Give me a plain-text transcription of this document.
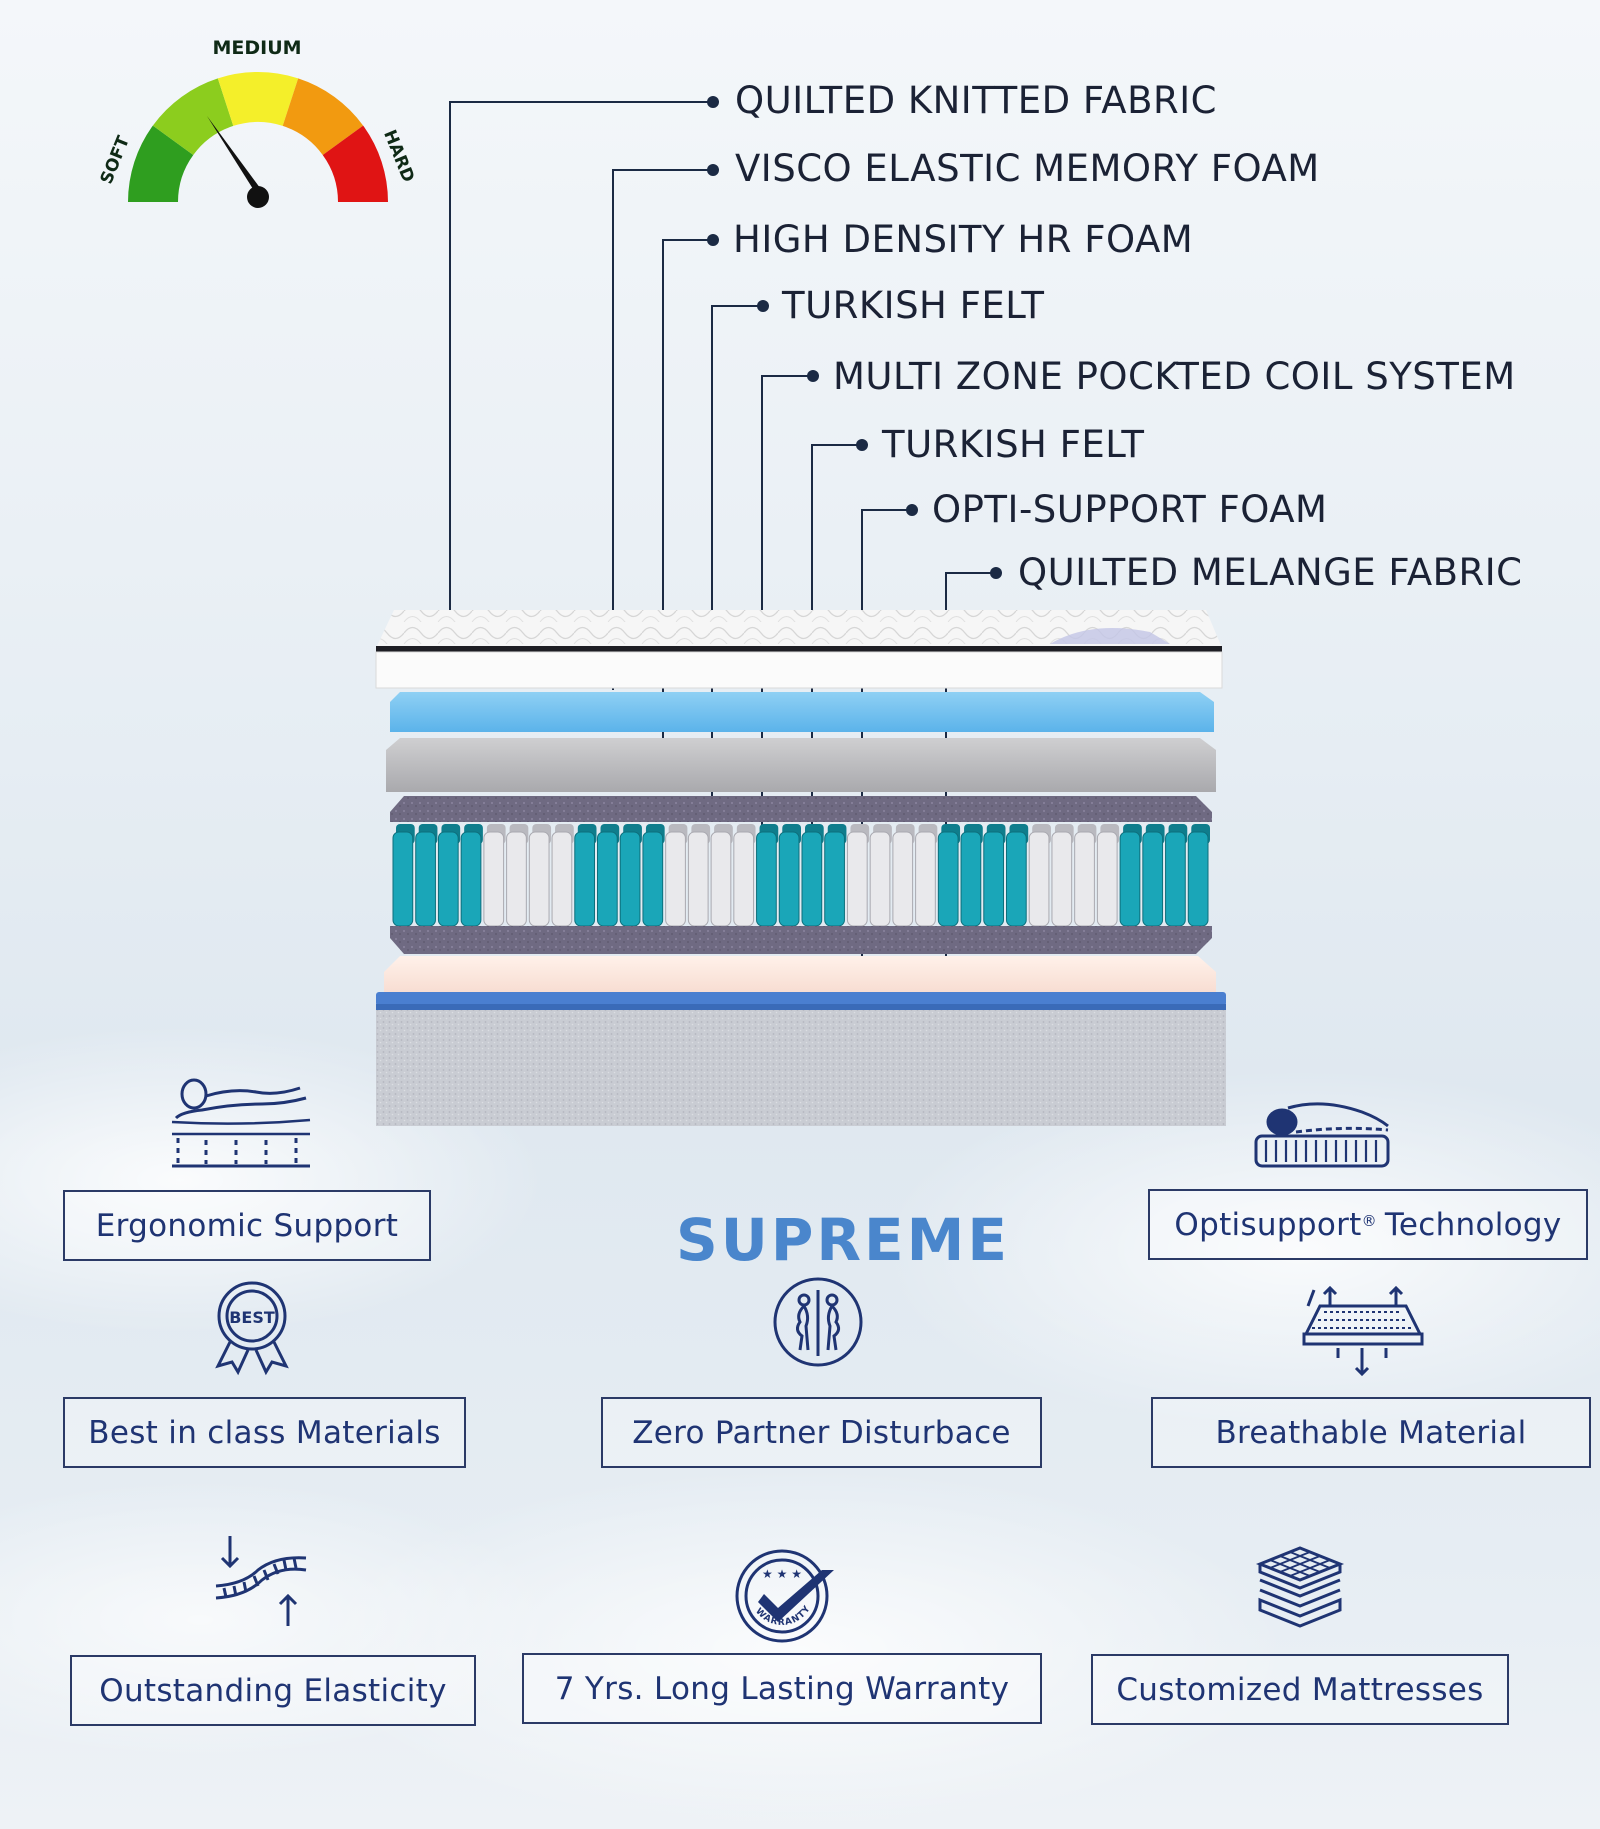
MEDIUM
SOFT	HARD
QUILTED KNITTED FABRIC
VISCO ELASTIC MEMORY FOAM
HIGH DENSITY HR FOAM
TURKISH FELT
MULTI ZONE POCKTED COIL SYSTEM
TURKISH FELT
OPTI-SUPPORT FOAM
QUILTED MELANGE FABRIC
SUPREME
BEST
WARRANTY
★ ★ ★
Ergonomic Support	Optisupport® Technology
Best in class Materials	Zero Partner Disturbace	Breathable Material
Outstanding Elasticity	7 Yrs. Long Lasting Warranty	Customized Mattresses
